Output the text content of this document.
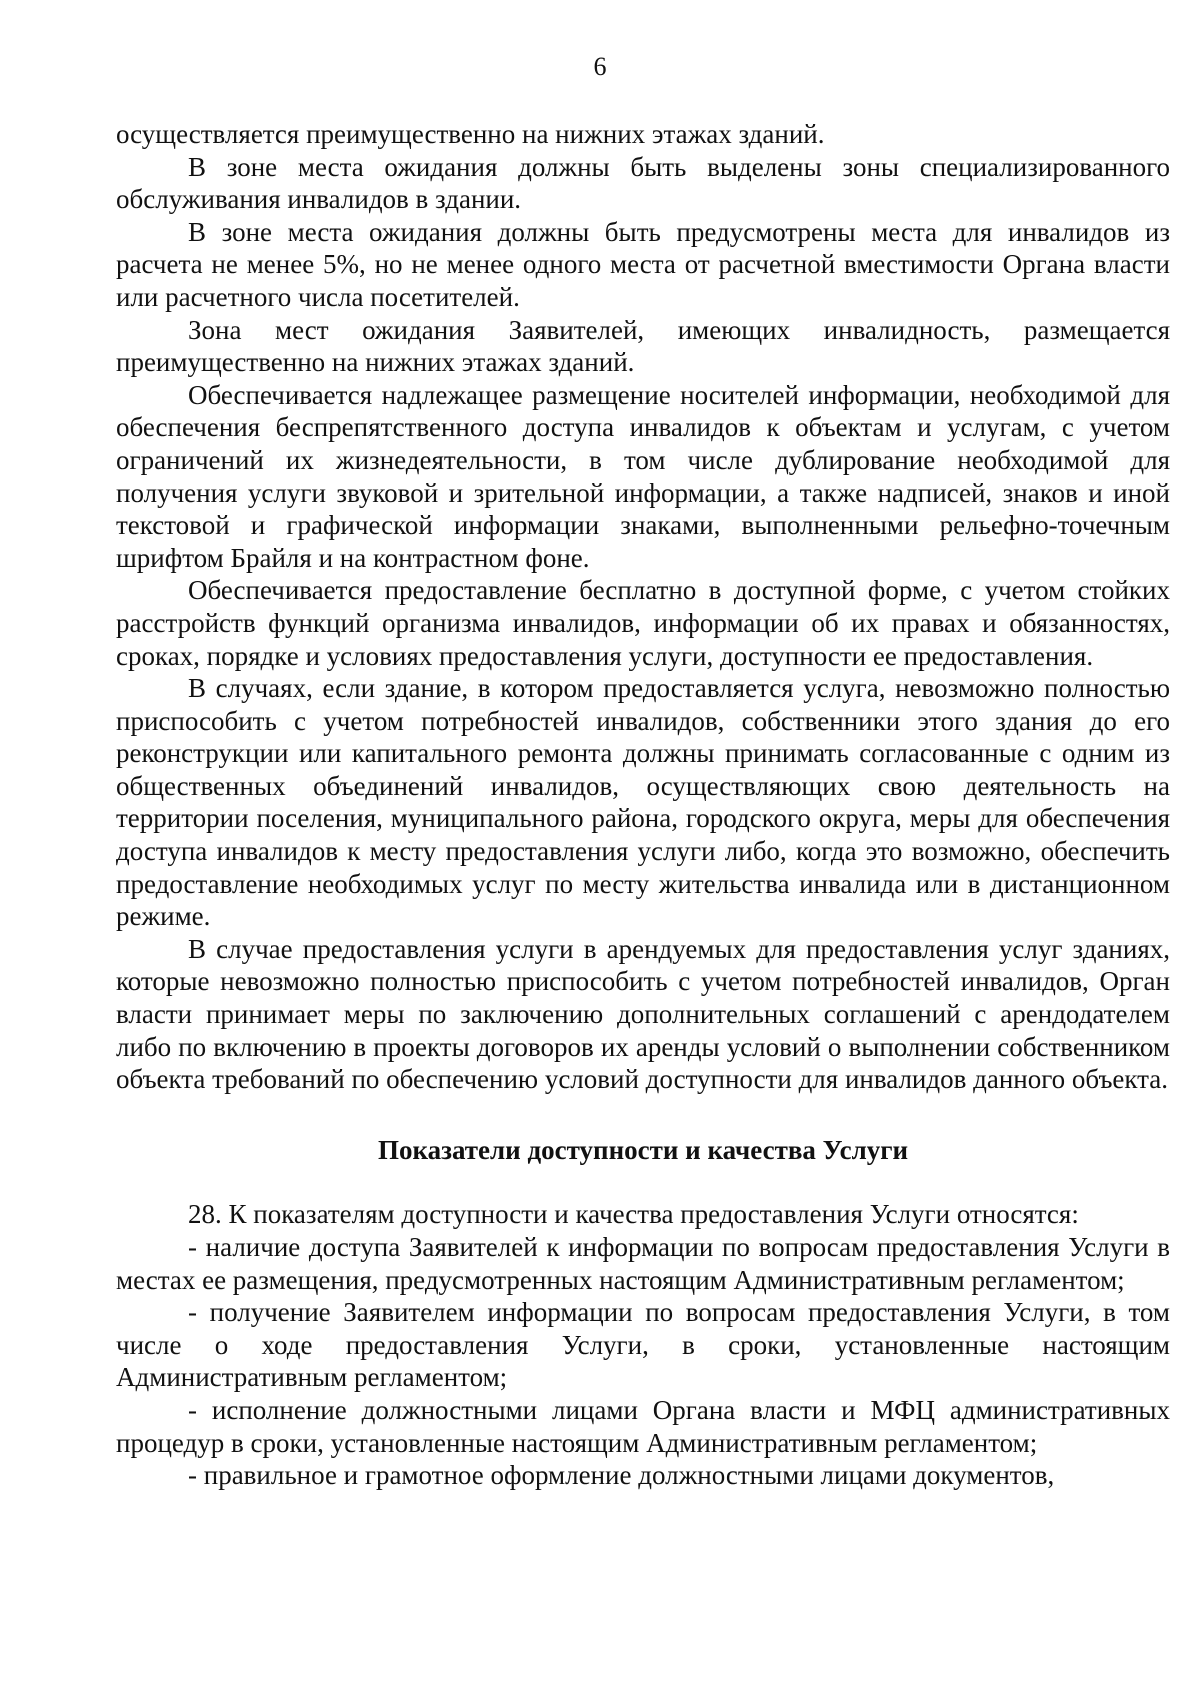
6

осуществляется преимущественно на нижних этажах зданий.

В зоне места ожидания должны быть выделены зоны специализированного обслуживания инвалидов в здании.

В зоне места ожидания должны быть предусмотрены места для инвалидов из расчета не менее 5%, но не менее одного места от расчетной вместимости Органа власти или расчетного числа посетителей.

Зона мест ожидания Заявителей, имеющих инвалидность, размещается преимущественно на нижних этажах зданий.

Обеспечивается надлежащее размещение носителей информации, необходимой для обеспечения беспрепятственного доступа инвалидов к объектам и услугам, с учетом ограничений их жизнедеятельности, в том числе дублирование необходимой для получения услуги звуковой и зрительной информации, а также надписей, знаков и иной текстовой и графической информации знаками, выполненными рельефно-точечным шрифтом Брайля и на контрастном фоне.

Обеспечивается предоставление бесплатно в доступной форме, с учетом стойких расстройств функций организма инвалидов, информации об их правах и обязанностях, сроках, порядке и условиях предоставления услуги, доступности ее предоставления.

В случаях, если здание, в котором предоставляется услуга, невозможно полностью приспособить с учетом потребностей инвалидов, собственники этого здания до его реконструкции или капитального ремонта должны принимать согласованные с одним из общественных объединений инвалидов, осуществляющих свою деятельность на территории поселения, муниципального района, городского округа, меры для обеспечения доступа инвалидов к месту предоставления услуги либо, когда это возможно, обеспечить предоставление необходимых услуг по месту жительства инвалида или в дистанционном режиме.

В случае предоставления услуги в арендуемых для предоставления услуг зданиях, которые невозможно полностью приспособить с учетом потребностей инвалидов, Орган власти принимает меры по заключению дополнительных соглашений с арендодателем либо по включению в проекты договоров их аренды условий о выполнении собственником объекта требований по обеспечению условий доступности для инвалидов данного объекта.

Показатели доступности и качества Услуги

28. К показателям доступности и качества предоставления Услуги относятся:

- наличие доступа Заявителей к информации по вопросам предоставления Услуги в местах ее размещения, предусмотренных настоящим Административным регламентом;

- получение Заявителем информации по вопросам предоставления Услуги, в том числе о ходе предоставления Услуги, в сроки, установленные настоящим Административным регламентом;

- исполнение должностными лицами Органа власти и МФЦ административных процедур в сроки, установленные настоящим Административным регламентом;

- правильное и грамотное оформление должностными лицами документов,
